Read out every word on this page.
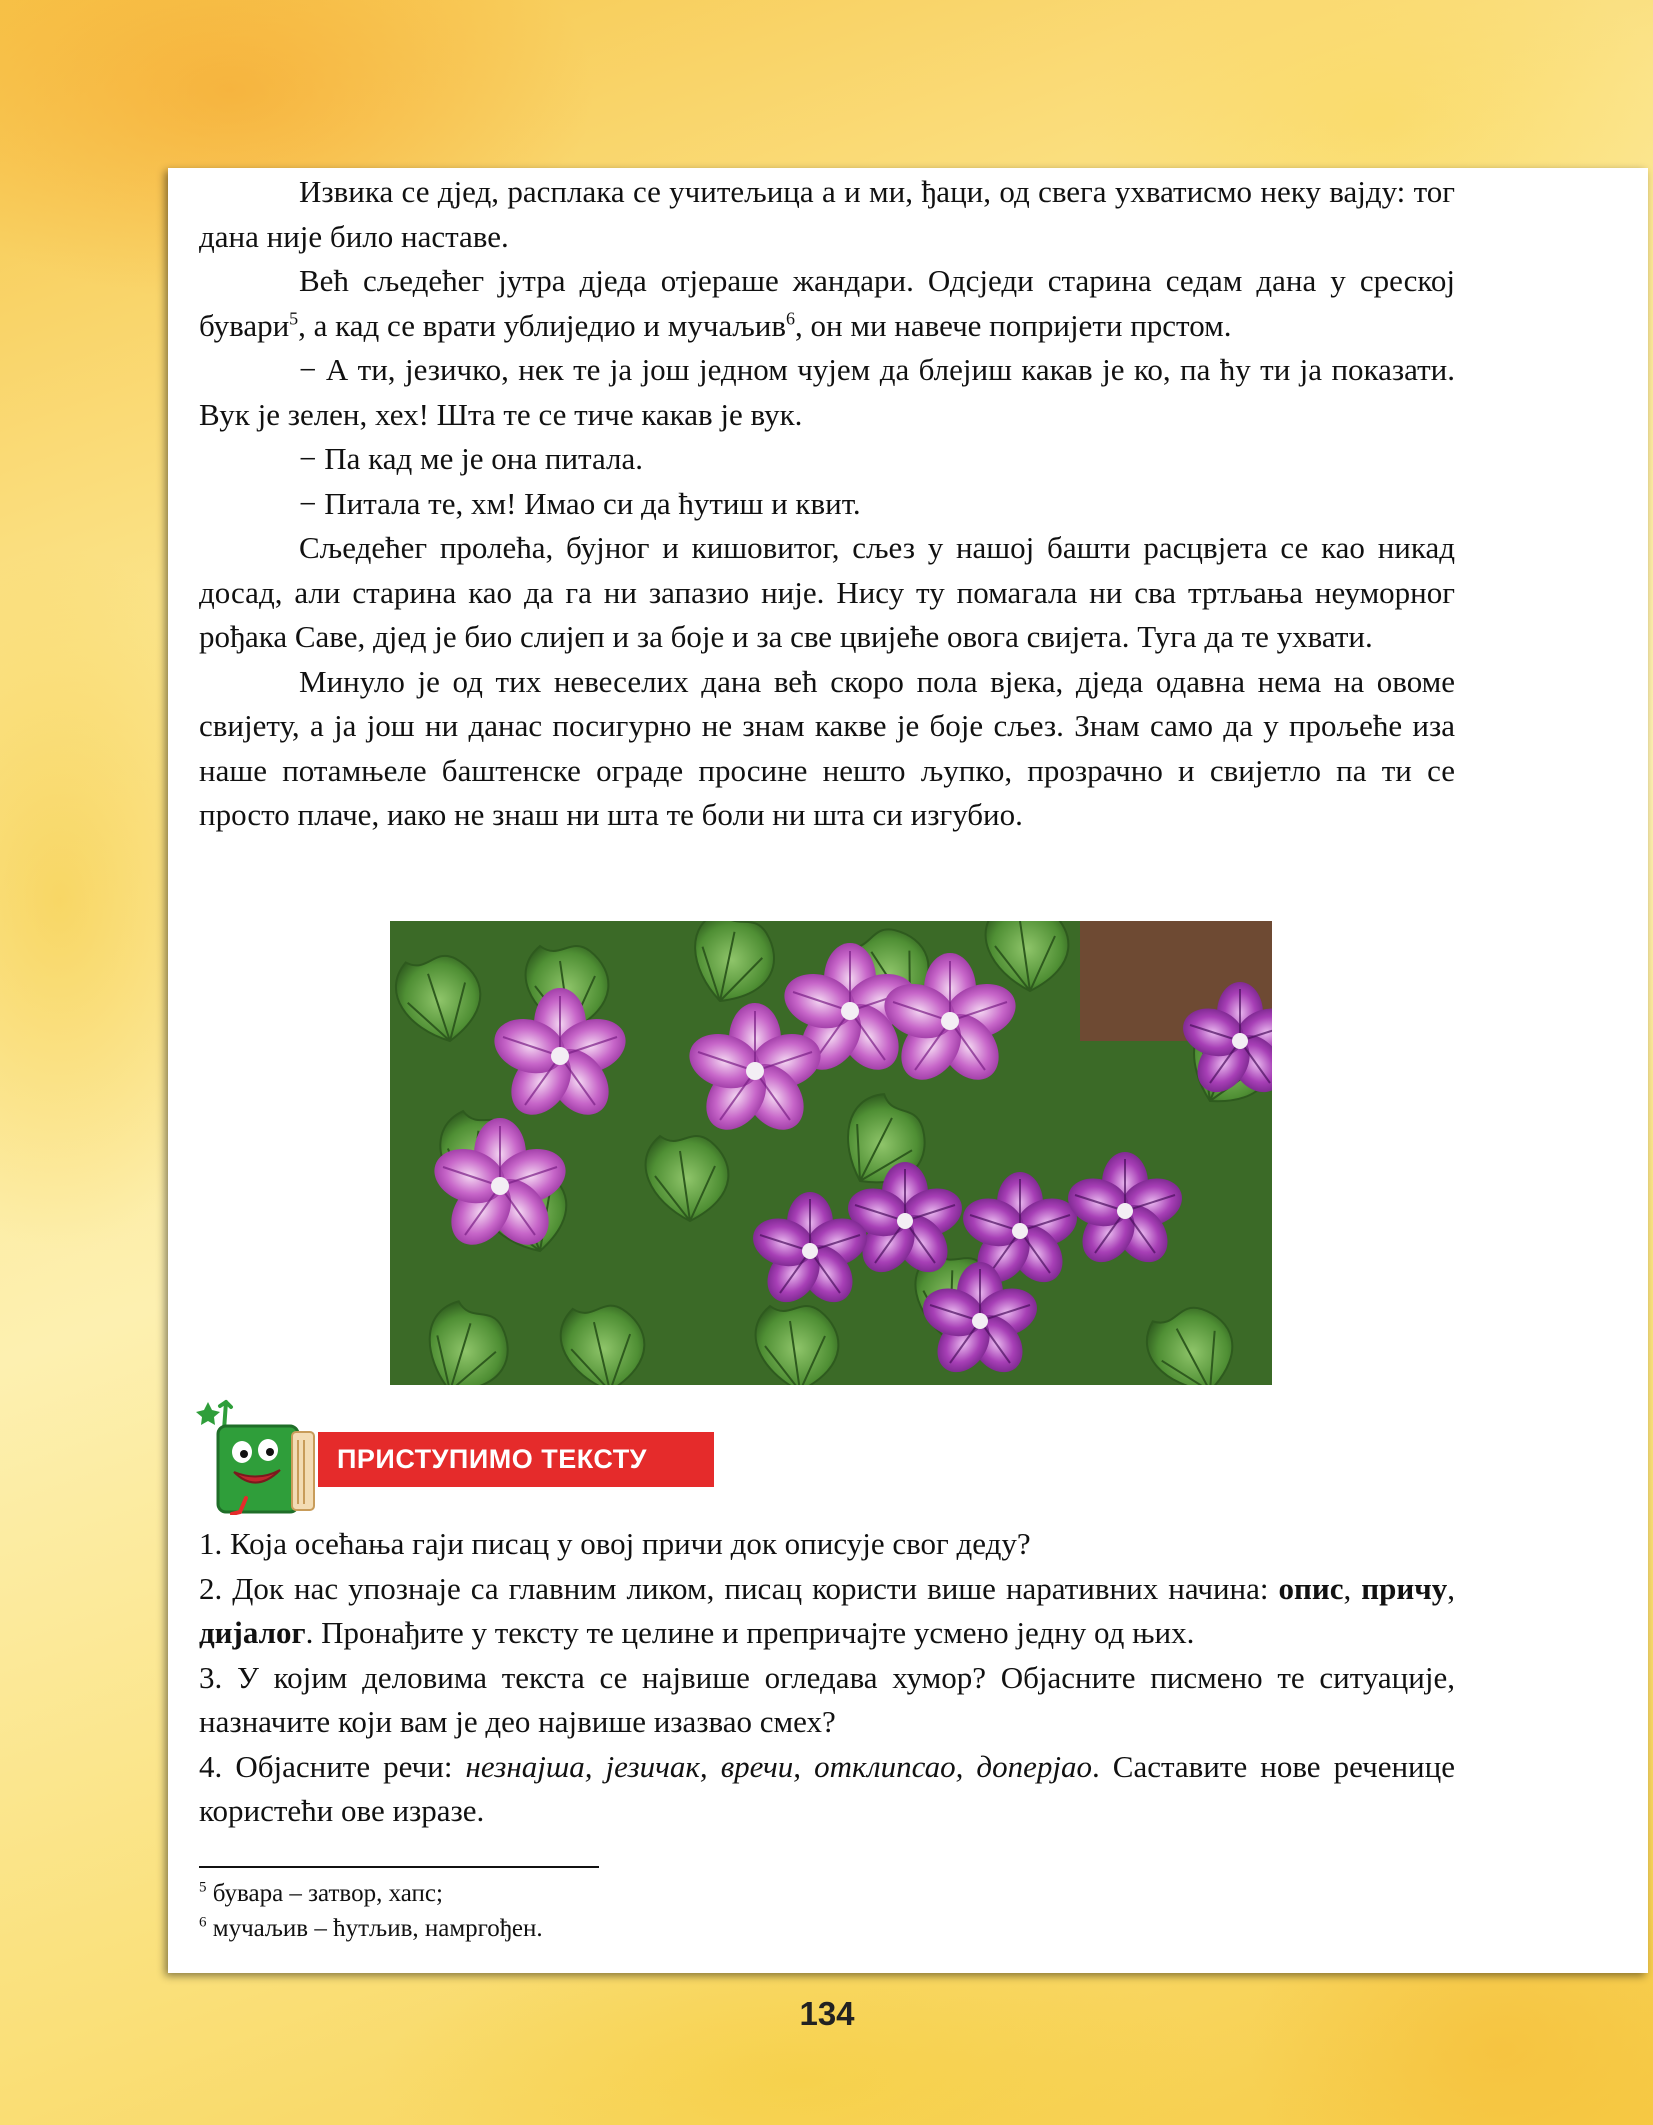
Извика се дјед, расплака се учитељица а и ми, ђаци, од свега ухватисмо неку вајду: тог дана није било наставе.

Већ сљедећег јутра дједа отјераше жандари. Одсједи старина седам дана у среској бувари$^5$, а кад се врати ублиједио и мучаљив$^6$, он ми навече попријети прстом.

− А ти, језичко, нек те ја још једном чујем да блејиш какав је ко, па ћу ти ја показати. Вук је зелен, хех! Шта те се тиче какав је вук.

− Па кад ме је она питала.

− Питала те, хм! Имао си да ћутиш и квит.

Сљедећег пролећа, бујног и кишовитог, сљез у нашој башти расцвјета се као никад досад, али старина као да га ни запазио није. Нису ту помагала ни сва тртљања неуморног рођака Саве, дјед је био слијеп и за боје и за све цвијеће овога свијета. Туга да те ухвати.

Минуло је од тих невеселих дана већ скоро пола вјека, дједа одавна нема на овоме свијету, а ја још ни данас посигурно не знам какве је боје сљез. Знам само да у прољеће иза наше потамњеле баштенске ограде просине нешто љупко, прозрачно и свијетло па ти се просто плаче, иако не знаш ни шта те боли ни шта си изгубио.

ПРИСТУПИМО ТЕКСТУ

1. Која осећања гаји писац у овој причи док описује свог деду?

2. Док нас упознаје са главним ликом, писац користи више наративних начина: опис, причу, дијалог. Пронађите у тексту те целине и препричајте усмено једну од њих.

3. У којим деловима текста се највише огледава хумор? Објасните писмено те ситуације, назначите који вам је део највише изазвао смех?

4. Објасните речи: незнајша, језичак, вречи, отклипсао, доперјао. Саставите нове реченице користећи ове изразе.

$^5$ бувара – затвор, хапс;
$^6$ мучаљив – ћутљив, намргођен.
134
